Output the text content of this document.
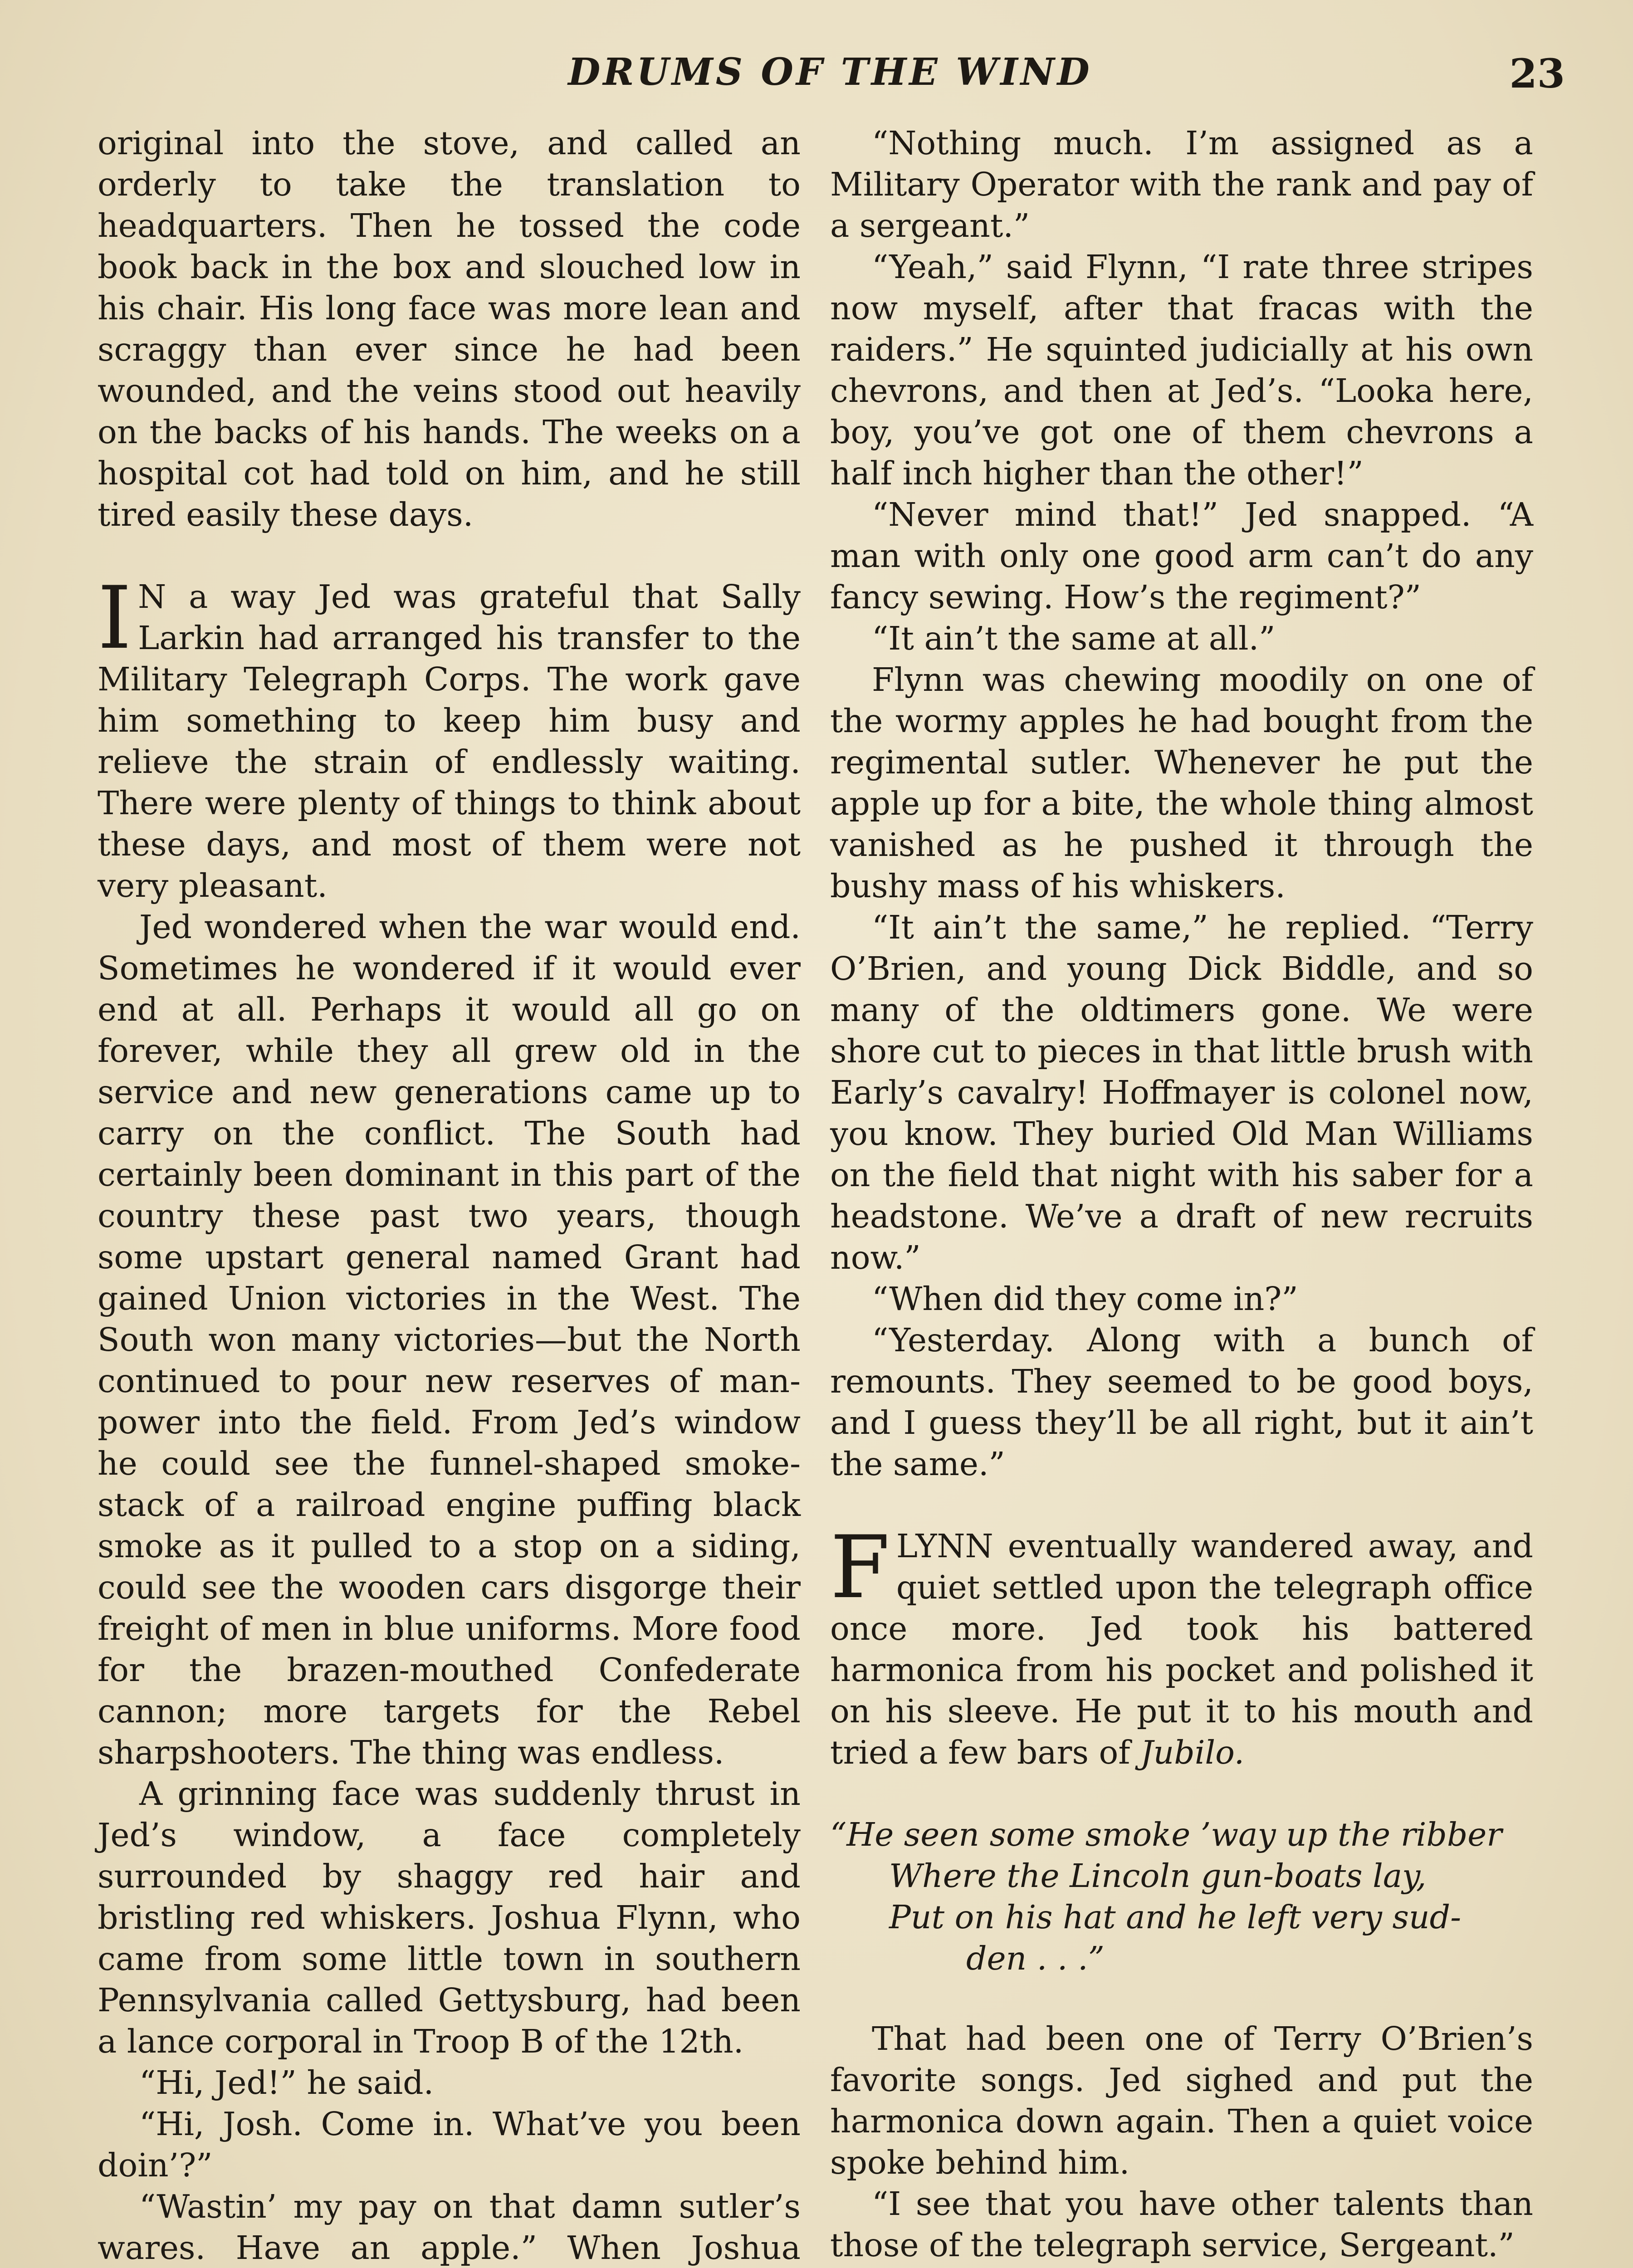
DRUMS OF THE WIND	23

original into the stove, and called an orderly to take the translation to headquarters. Then he tossed the code book back in the box and slouched low in his chair. His long face was more lean and scraggy than ever since he had been wounded, and the veins stood out heavily on the backs of his hands. The weeks on a hospital cot had told on him, and he still tired easily these days.

I N a way Jed was grateful that Sally Larkin had arranged his transfer to the Military Telegraph Corps. The work gave him something to keep him busy and relieve the strain of endlessly waiting. There were plenty of things to think about these days, and most of them were not very pleasant.

Jed wondered when the war would end. Sometimes he wondered if it would ever end at all. Perhaps it would all go on forever, while they all grew old in the service and new generations came up to carry on the conflict. The South had certainly been dominant in this part of the country these past two years, though some upstart general named Grant had gained Union victories in the West. The South won many victories—but the North continued to pour new reserves of man-power into the field. From Jed’s window he could see the funnel-shaped smoke-stack of a railroad engine puffing black smoke as it pulled to a stop on a siding, could see the wooden cars disgorge their freight of men in blue uniforms. More food for the brazen-mouthed Confederate cannon; more targets for the Rebel sharpshooters. The thing was endless.

A grinning face was suddenly thrust in Jed’s window, a face completely surrounded by shaggy red hair and bristling red whiskers. Joshua Flynn, who came from some little town in southern Pennsylvania called Gettysburg, had been a lance corporal in Troop B of the 12th.

“Hi, Jed!” he said.

“Hi, Josh. Come in. What’ve you been doin’?”

“Wastin’ my pay on that damn sutler’s wares. Have an apple.” When Joshua

“Nothing much. I’m assigned as a Military Operator with the rank and pay of a sergeant.”

“Yeah,” said Flynn, “I rate three stripes now myself, after that fracas with the raiders.” He squinted judicially at his own chevrons, and then at Jed’s. “Looka here, boy, you’ve got one of them chevrons a half inch higher than the other!”

“Never mind that!” Jed snapped. “A man with only one good arm can’t do any fancy sewing. How’s the regiment?”

“It ain’t the same at all.”

Flynn was chewing moodily on one of the wormy apples he had bought from the regimental sutler. Whenever he put the apple up for a bite, the whole thing almost vanished as he pushed it through the bushy mass of his whiskers.

“It ain’t the same,” he replied. “Terry O’Brien, and young Dick Biddle, and so many of the oldtimers gone. We were shore cut to pieces in that little brush with Early’s cavalry! Hoffmayer is colonel now, you know. They buried Old Man Williams on the field that night with his saber for a headstone. We’ve a draft of new recruits now.”

“When did they come in?”

“Yesterday. Along with a bunch of remounts. They seemed to be good boys, and I guess they’ll be all right, but it ain’t the same.”

FLYNN eventually wandered away, and quiet settled upon the telegraph office once more. Jed took his battered harmonica from his pocket and polished it on his sleeve. He put it to his mouth and tried a few bars of Jubilo.

“He seen some smoke ’way up the ribber
Where the Lincoln gun-boats lay,
Put on his hat and he left very sud-
den . . .”

That had been one of Terry O’Brien’s favorite songs. Jed sighed and put the harmonica down again. Then a quiet voice spoke behind him.

“I see that you have other talents than those of the telegraph service, Sergeant.”
